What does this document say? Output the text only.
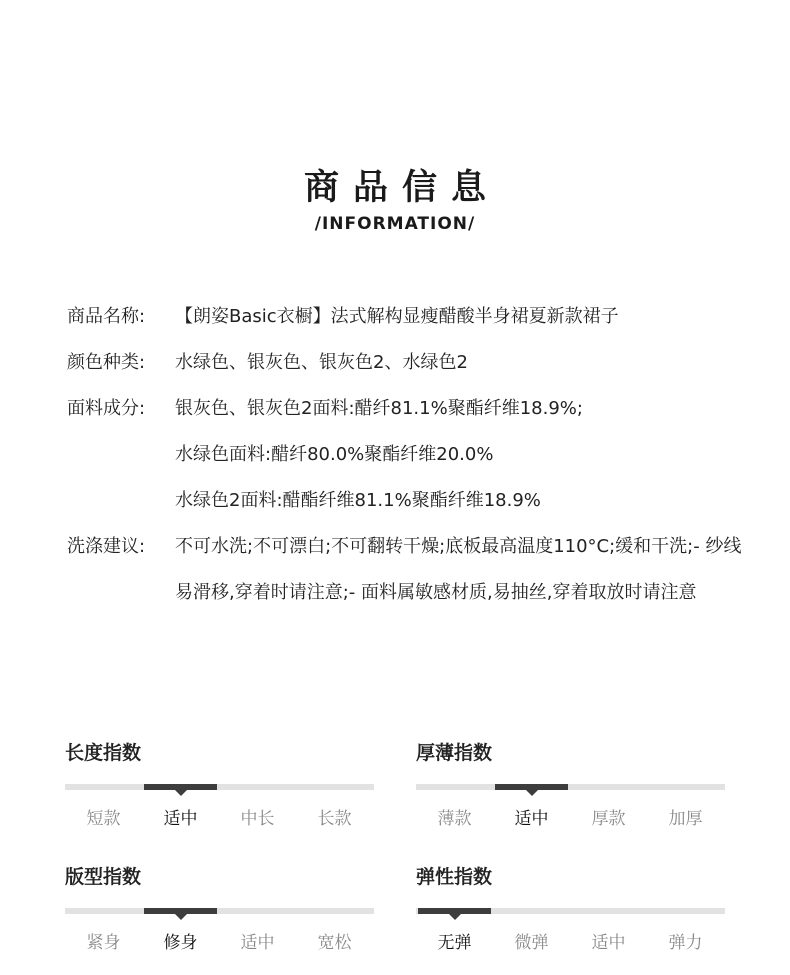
商品信息
/INFORMATION/
商品名称:	【朗姿Basic衣橱】法式解构显瘦醋酸半身裙夏新款裙子
颜色种类:	水绿色、银灰色、银灰色2、水绿色2
面料成分:	银灰色、银灰色2面料:醋纤81.1%聚酯纤维18.9%;
水绿色面料:醋纤80.0%聚酯纤维20.0%
水绿色2面料:醋酯纤维81.1%聚酯纤维18.9%
洗涤建议:	不可水洗;不可漂白;不可翻转干燥;底板最高温度110°C;缓和干洗;- 纱线易滑移,穿着时请注意;- 面料属敏感材质,易抽丝,穿着取放时请注意
长度指数
短款	适中	中长	长款
厚薄指数
薄款	适中	厚款	加厚
版型指数
紧身	修身	适中	宽松
弹性指数
无弹	微弹	适中	弹力
